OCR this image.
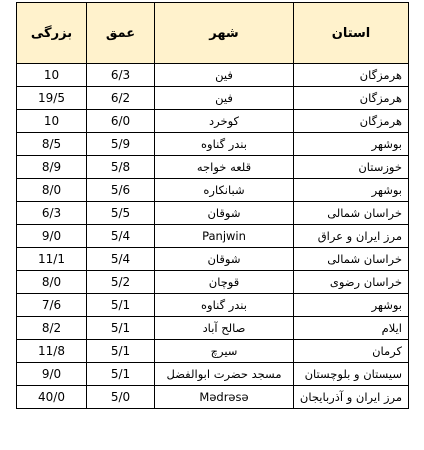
استان	شهر	عمق	بزرگی
هرمزگان	فین	6/3	10
هرمزگان	فین	6/2	19/5
هرمزگان	کوخرد	6/0	10
بوشهر	بندر گناوه	5/9	8/5
خوزستان	قلعه خواجه	5/8	8/9
بوشهر	شبانکاره	5/6	8/0
خراسان شمالی	شوقان	5/5	6/3
مرز ایران و عراق	Panjwin	5/4	9/0
خراسان شمالی	شوقان	5/4	11/1
خراسان رضوی	قوچان	5/2	8/0
بوشهر	بندر گناوه	5/1	7/6
ایلام	صالح آباد	5/1	8/2
کرمان	سیرچ	5/1	11/8
سیستان و بلوچستان	مسجد حضرت ابوالفضل	5/1	9/0
مرز ایران و آذربایجان	Mədrəsə	5/0	40/0
